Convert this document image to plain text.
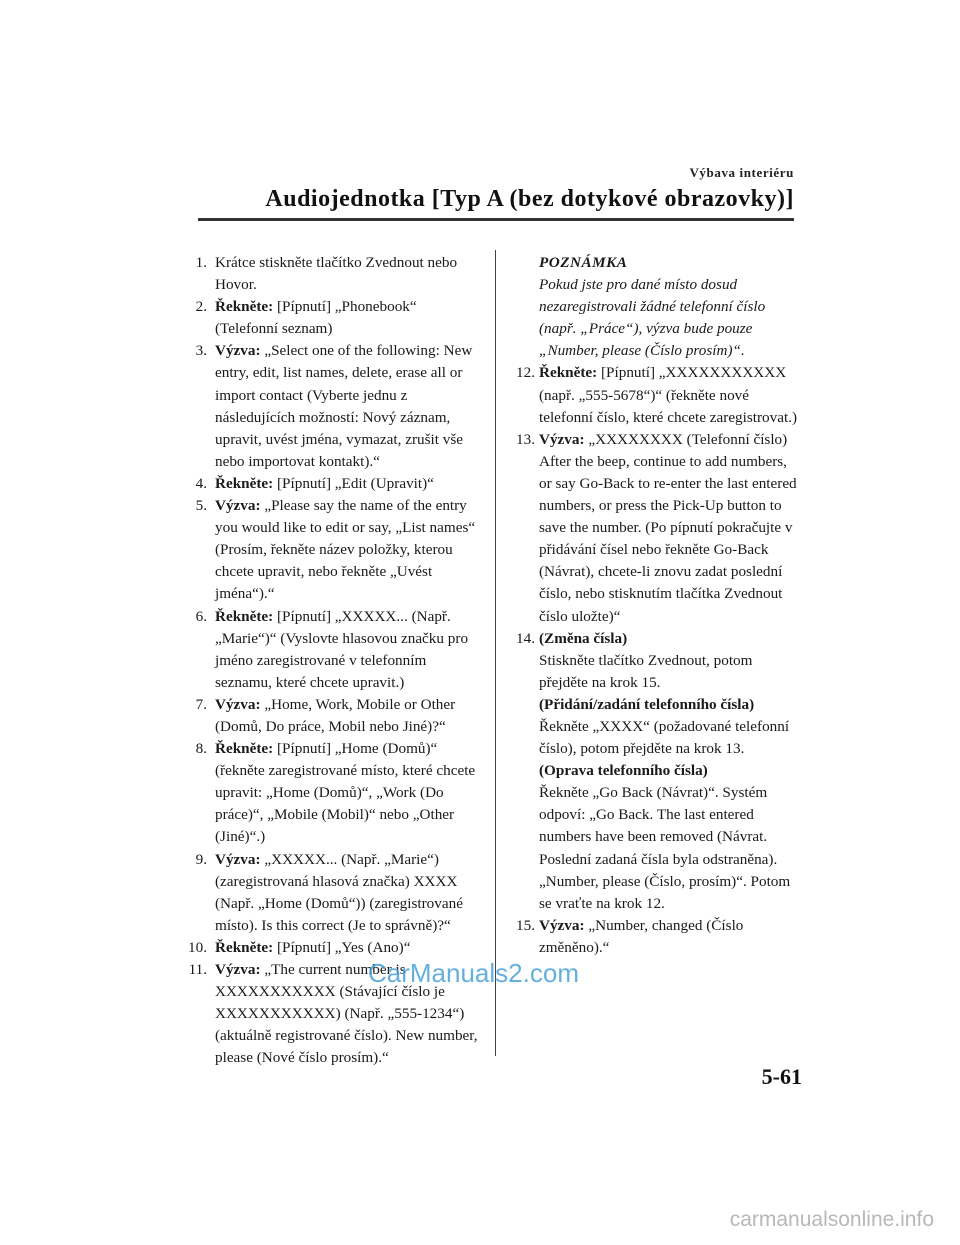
Výbava interiéru
Audiojednotka [Typ A (bez dotykové obrazovky)]
1. Krátce stiskněte tlačítko Zvednout nebo Hovor.
2. Řekněte: [Pípnutí] „Phonebook“ (Telefonní seznam)
3. Výzva: „Select one of the following: New entry, edit, list names, delete, erase all or import contact (Vyberte jednu z následujících možností: Nový záznam, upravit, uvést jména, vymazat, zrušit vše nebo importovat kontakt).“
4. Řekněte: [Pípnutí] „Edit (Upravit)“
5. Výzva: „Please say the name of the entry you would like to edit or say, „List names“ (Prosím, řekněte název položky, kterou chcete upravit, nebo řekněte „Uvést jména“).“
6. Řekněte: [Pípnutí] „XXXXX... (Např. „Marie“)“ (Vyslovte hlasovou značku pro jméno zaregistrované v telefonním seznamu, které chcete upravit.)
7. Výzva: „Home, Work, Mobile or Other (Domů, Do práce, Mobil nebo Jiné)?“
8. Řekněte: [Pípnutí] „Home (Domů)“ (řekněte zaregistrované místo, které chcete upravit: „Home (Domů)“, „Work (Do práce)“, „Mobile (Mobil)“ nebo „Other (Jiné)“.)
9. Výzva: „XXXXX... (Např. „Marie“) (zaregistrovaná hlasová značka) XXXX (Např. „Home (Domů“)) (zaregistrované místo). Is this correct (Je to správně)?“
10. Řekněte: [Pípnutí] „Yes (Ano)“
11. Výzva: „The current number is XXXXXXXXXXX (Stávající číslo je XXXXXXXXXXX) (Např. „555-1234“) (aktuálně registrované číslo). New number, please (Nové číslo prosím).“
POZNÁMKA
Pokud jste pro dané místo dosud nezaregistrovali žádné telefonní číslo (např. „Práce“), výzva bude pouze „Number, please (Číslo prosím)“.
12. Řekněte: [Pípnutí] „XXXXXXXXXXX (např. „555-5678“)“ (řekněte nové telefonní číslo, které chcete zaregistrovat.)
13. Výzva: „XXXXXXXX (Telefonní číslo) After the beep, continue to add numbers, or say Go-Back to re-enter the last entered numbers, or press the Pick-Up button to save the number. (Po pípnutí pokračujte v přidávání čísel nebo řekněte Go-Back (Návrat), chcete-li znovu zadat poslední číslo, nebo stisknutím tlačítka Zvednout číslo uložte)“
14. (Změna čísla)
Stiskněte tlačítko Zvednout, potom přejděte na krok 15.
(Přidání/zadání telefonního čísla)
Řekněte „XXXX“ (požadované telefonní číslo), potom přejděte na krok 13.
(Oprava telefonního čísla)
Řekněte „Go Back (Návrat)“. Systém odpoví: „Go Back. The last entered numbers have been removed (Návrat. Poslední zadaná čísla byla odstraněna). „Number, please (Číslo, prosím)“. Potom se vraťte na krok 12.
15. Výzva: „Number, changed (Číslo změněno).“
CarManuals2.com
5-61
carmanualsonline.info
